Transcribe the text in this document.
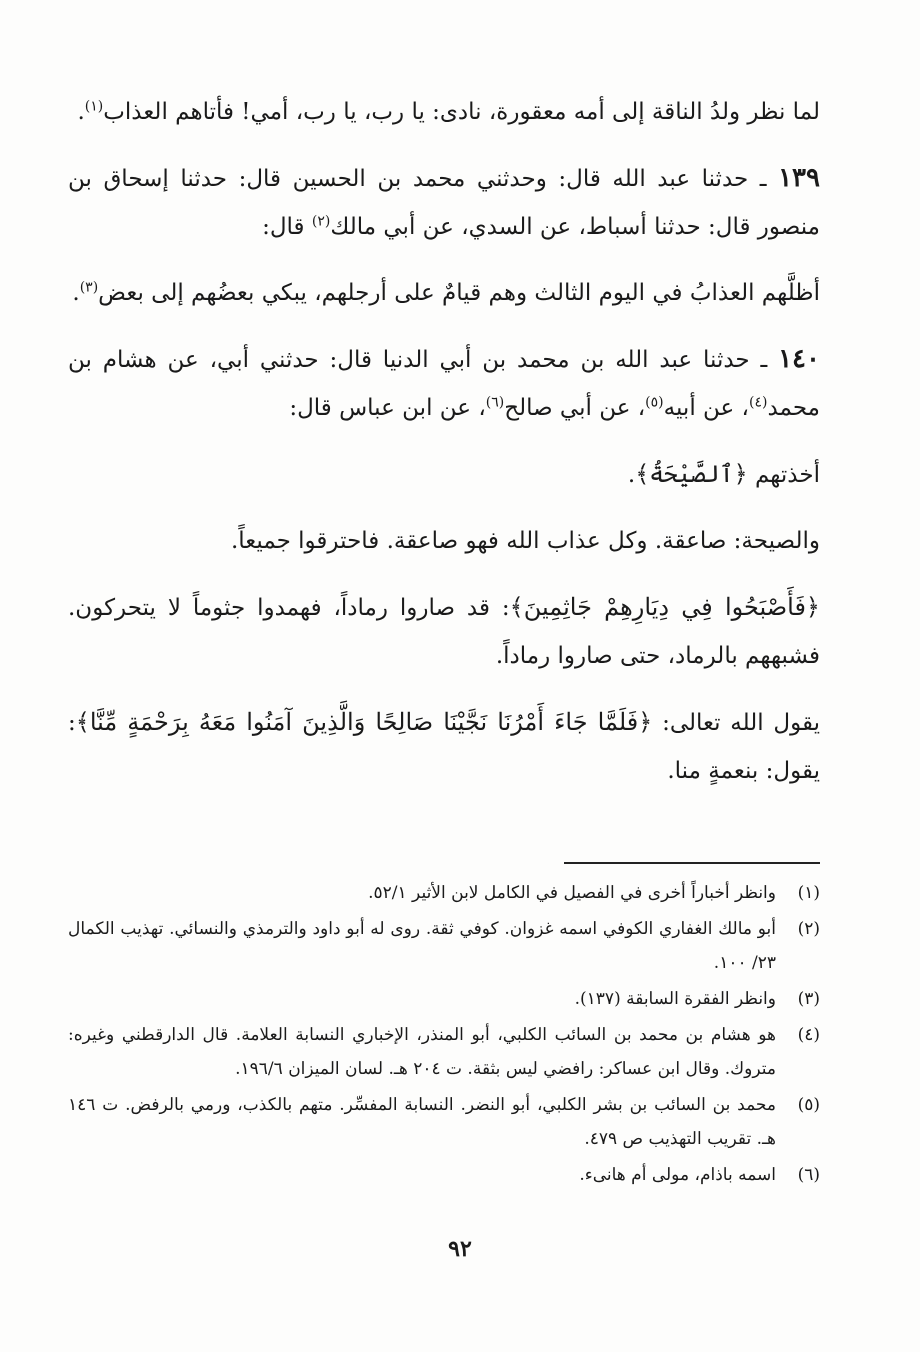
لما نظر ولدُ الناقة إلى أمه معقورة، نادى: يا رب، يا رب، أمي! فأتاهم العذاب$^{(١)}$.

١٣٩ ـ حدثنا عبد الله قال: وحدثني محمد بن الحسين قال: حدثنا إسحاق بن منصور قال: حدثنا أسباط، عن السدي، عن أبي مالك$^{(٢)}$ قال:

أظلَّهم العذابُ في اليوم الثالث وهم قيامٌ على أرجلهم، يبكي بعضُهم إلى بعض$^{(٣)}$.

١٤٠ ـ حدثنا عبد الله بن محمد بن أبي الدنيا قال: حدثني أبي، عن هشام بن محمد$^{(٤)}$، عن أبيه$^{(٥)}$، عن أبي صالح$^{(٦)}$، عن ابن عباس قال:

أخذتهم ﴿ٱلصَّيْحَةُ﴾.

والصيحة: صاعقة. وكل عذاب الله فهو صاعقة. فاحترقوا جميعاً.

﴿فَأَصْبَحُوا فِي دِيَارِهِمْ جَاثِمِينَ﴾: قد صاروا رماداً، فهمدوا جثوماً لا يتحركون. فشبههم بالرماد، حتى صاروا رماداً.

يقول الله تعالى: ﴿فَلَمَّا جَاءَ أَمْرُنَا نَجَّيْنَا صَالِحًا وَالَّذِينَ آمَنُوا مَعَهُ بِرَحْمَةٍ مِّنَّا﴾: يقول: بنعمةٍ منا.

(١)
وانظر أخباراً أخرى في الفصيل في الكامل لابن الأثير ٥٢/١.
(٢)
أبو مالك الغفاري الكوفي اسمه غزوان. كوفي ثقة. روى له أبو داود والترمذي والنسائي. تهذيب الكمال ٢٣/ ١٠٠.
(٣)
وانظر الفقرة السابقة (١٣٧).
(٤)
هو هشام بن محمد بن السائب الكلبي، أبو المنذر، الإخباري النسابة العلامة. قال الدارقطني وغيره: متروك. وقال ابن عساكر: رافضي ليس بثقة. ت ٢٠٤ هـ. لسان الميزان ١٩٦/٦.
(٥)
محمد بن السائب بن بشر الكلبي، أبو النضر. النسابة المفسِّر. متهم بالكذب، ورمي بالرفض. ت ١٤٦ هـ. تقريب التهذيب ص ٤٧٩.
(٦)
اسمه باذام، مولى أم هانىء.
٩٢
